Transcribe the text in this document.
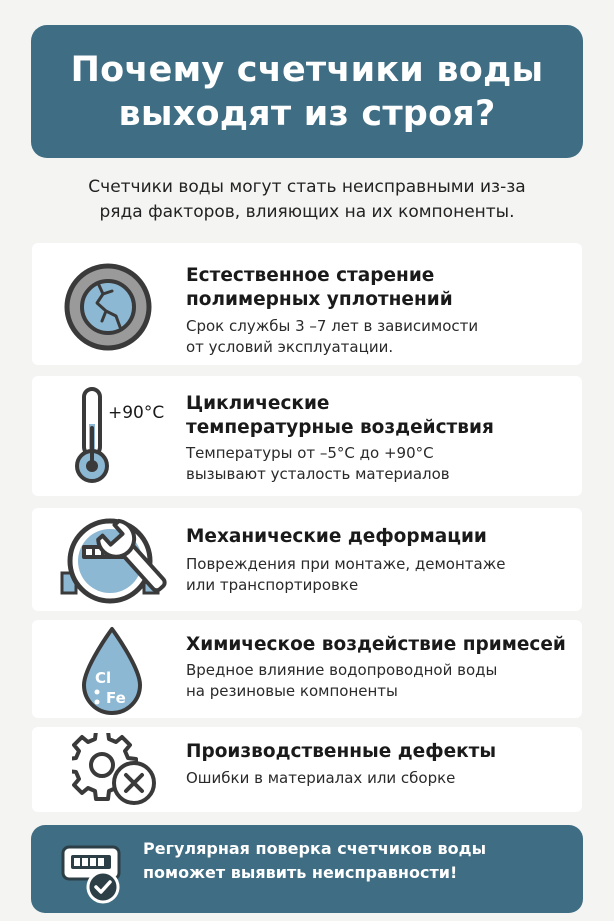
Почему счетчики воды
выходят из строя?
Счетчики воды могут стать неисправными из-за
ряда факторов, влияющих на их компоненты.
Естественное старение
полимерных уплотнений
Срок службы 3 –7 лет в зависимости
от условий эксплуатации.
+90°C Циклические
температурные воздействия
Температуры от –5°C до +90°C
вызывают усталость материалов
Механические деформации
Повреждения при монтаже, демонтаже
или транспортировке
Cl
Fe
Химическое воздействие примесей
Вредное влияние водопроводной воды
на резиновые компоненты
Производственные дефекты
Ошибки в материалах или сборке
Регулярная поверка счетчиков воды
поможет выявить неисправности!
